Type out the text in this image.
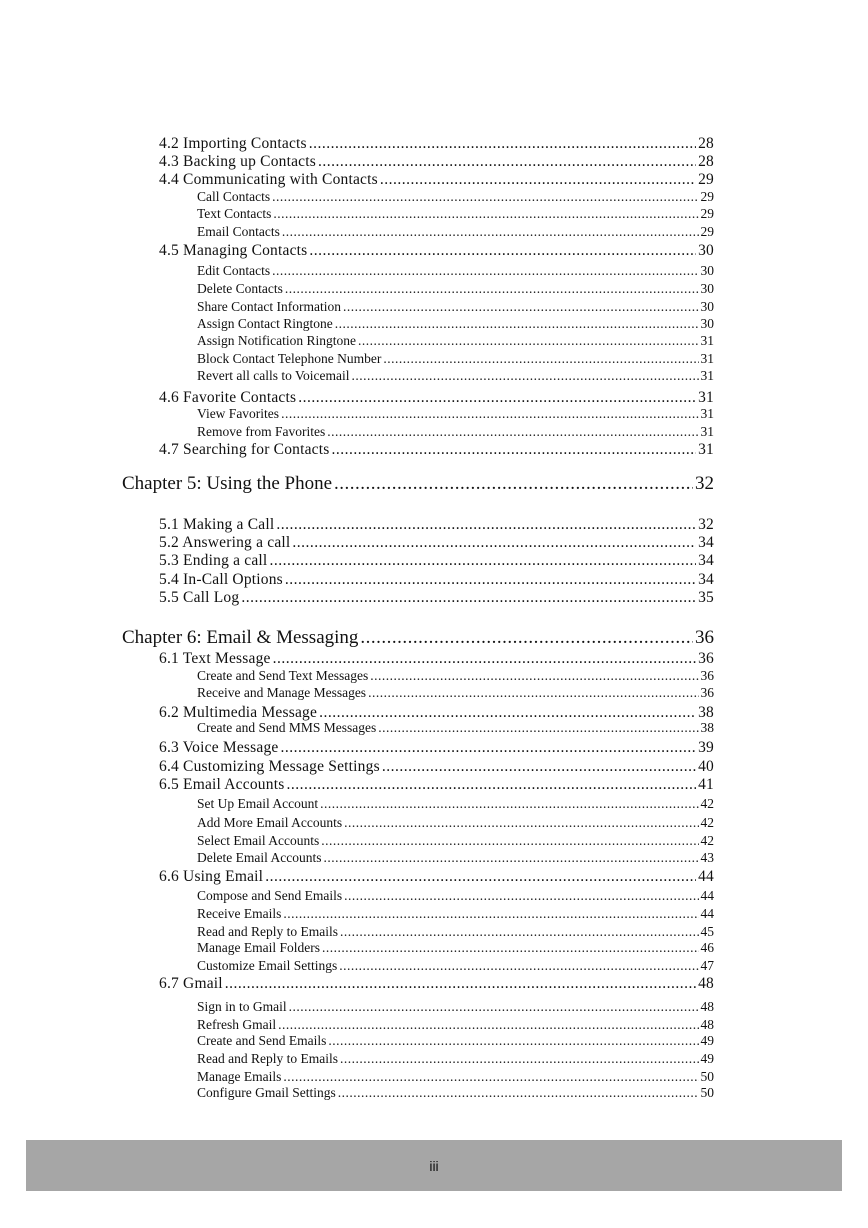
4.2 Importing Contacts .....	28
4.3 Backing up Contacts .....	28
4.4 Communicating with Contacts .....	29
Call Contacts .....	29
Text Contacts .....	29
Email Contacts .....	29
4.5 Managing Contacts .....	30
Edit Contacts .....	30
Delete Contacts .....	30
Share Contact Information .....	30
Assign Contact Ringtone .....	30
Assign Notification Ringtone .....	31
Block Contact Telephone Number .....	31
Revert all calls to Voicemail .....	31
4.6 Favorite Contacts .....	31
View Favorites .....	31
Remove from Favorites .....	31
4.7 Searching for Contacts .....	31
Chapter 5: Using the Phone .....	32
5.1 Making a Call .....	32
5.2 Answering a call .....	34
5.3 Ending a call .....	34
5.4 In-Call Options .....	34
5.5 Call Log .....	35
Chapter 6: Email & Messaging .....	36
6.1 Text Message .....	36
Create and Send Text Messages .....	36
Receive and Manage Messages .....	36
6.2 Multimedia Message .....	38
Create and Send MMS Messages .....	38
6.3 Voice Message .....	39
6.4 Customizing Message Settings .....	40
6.5 Email Accounts .....	41
Set Up Email Account .....	42
Add More Email Accounts .....	42
Select Email Accounts .....	42
Delete Email Accounts .....	43
6.6 Using Email .....	44
Compose and Send Emails .....	44
Receive Emails .....	44
Read and Reply to Emails .....	45
Manage Email Folders .....	46
Customize Email Settings .....	47
6.7 Gmail .....	48
Sign in to Gmail .....	48
Refresh Gmail .....	48
Create and Send Emails .....	49
Read and Reply to Emails .....	49
Manage Emails .....	50
Configure Gmail Settings .....	50
iii
